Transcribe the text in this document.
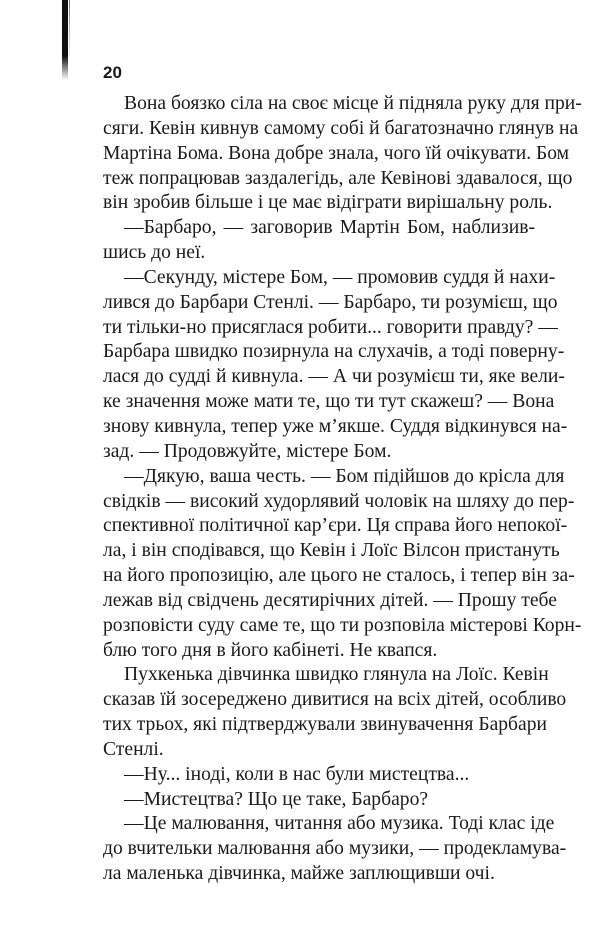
20
Вона боязко сіла на своє місце й підняла руку для при-
сяги. Кевін кивнув самому собі й багатозначно глянув на
Мартіна Бома. Вона добре знала, чого їй очікувати. Бом
теж попрацював заздалегідь, але Кевінові здавалося, що
він зробив більше і це має відіграти вирішальну роль.
—Барбаро, — заговорив Мартін Бом, наблизив-
шись до неї.
—Секунду, містере Бом, — промовив суддя й нахи-
лився до Барбари Стенлі. — Барбаро, ти розумієш, що
ти тільки-но присяглася робити... говорити правду? —
Барбара швидко позирнула на слухачів, а тоді поверну-
лася до судді й кивнула. — А чи розумієш ти, яке вели-
ке значення може мати те, що ти тут скажеш? — Вона
знову кивнула, тепер уже м’якше. Суддя відкинувся на-
зад. — Продовжуйте, містере Бом.
—Дякую, ваша честь. — Бом підійшов до крісла для
свідків — високий худорлявий чоловік на шляху до пер-
спективної політичної кар’єри. Ця справа його непокої-
ла, і він сподівався, що Кевін і Лоїс Вілсон пристануть
на його пропозицію, але цього не сталось, і тепер він за-
лежав від свідчень десятирічних дітей. — Прошу тебе
розповісти суду саме те, що ти розповіла містерові Корн-
блю того дня в його кабінеті. Не квапся.
Пухкенька дівчинка швидко глянула на Лоїс. Кевін
сказав їй зосереджено дивитися на всіх дітей, особливо
тих трьох, які підтверджували звинувачення Барбари
Стенлі.
—Ну... іноді, коли в нас були мистецтва...
—Мистецтва? Що це таке, Барбаро?
—Це малювання, читання або музика. Тоді клас іде
до вчительки малювання або музики, — продекламува-
ла маленька дівчинка, майже заплющивши очі.
